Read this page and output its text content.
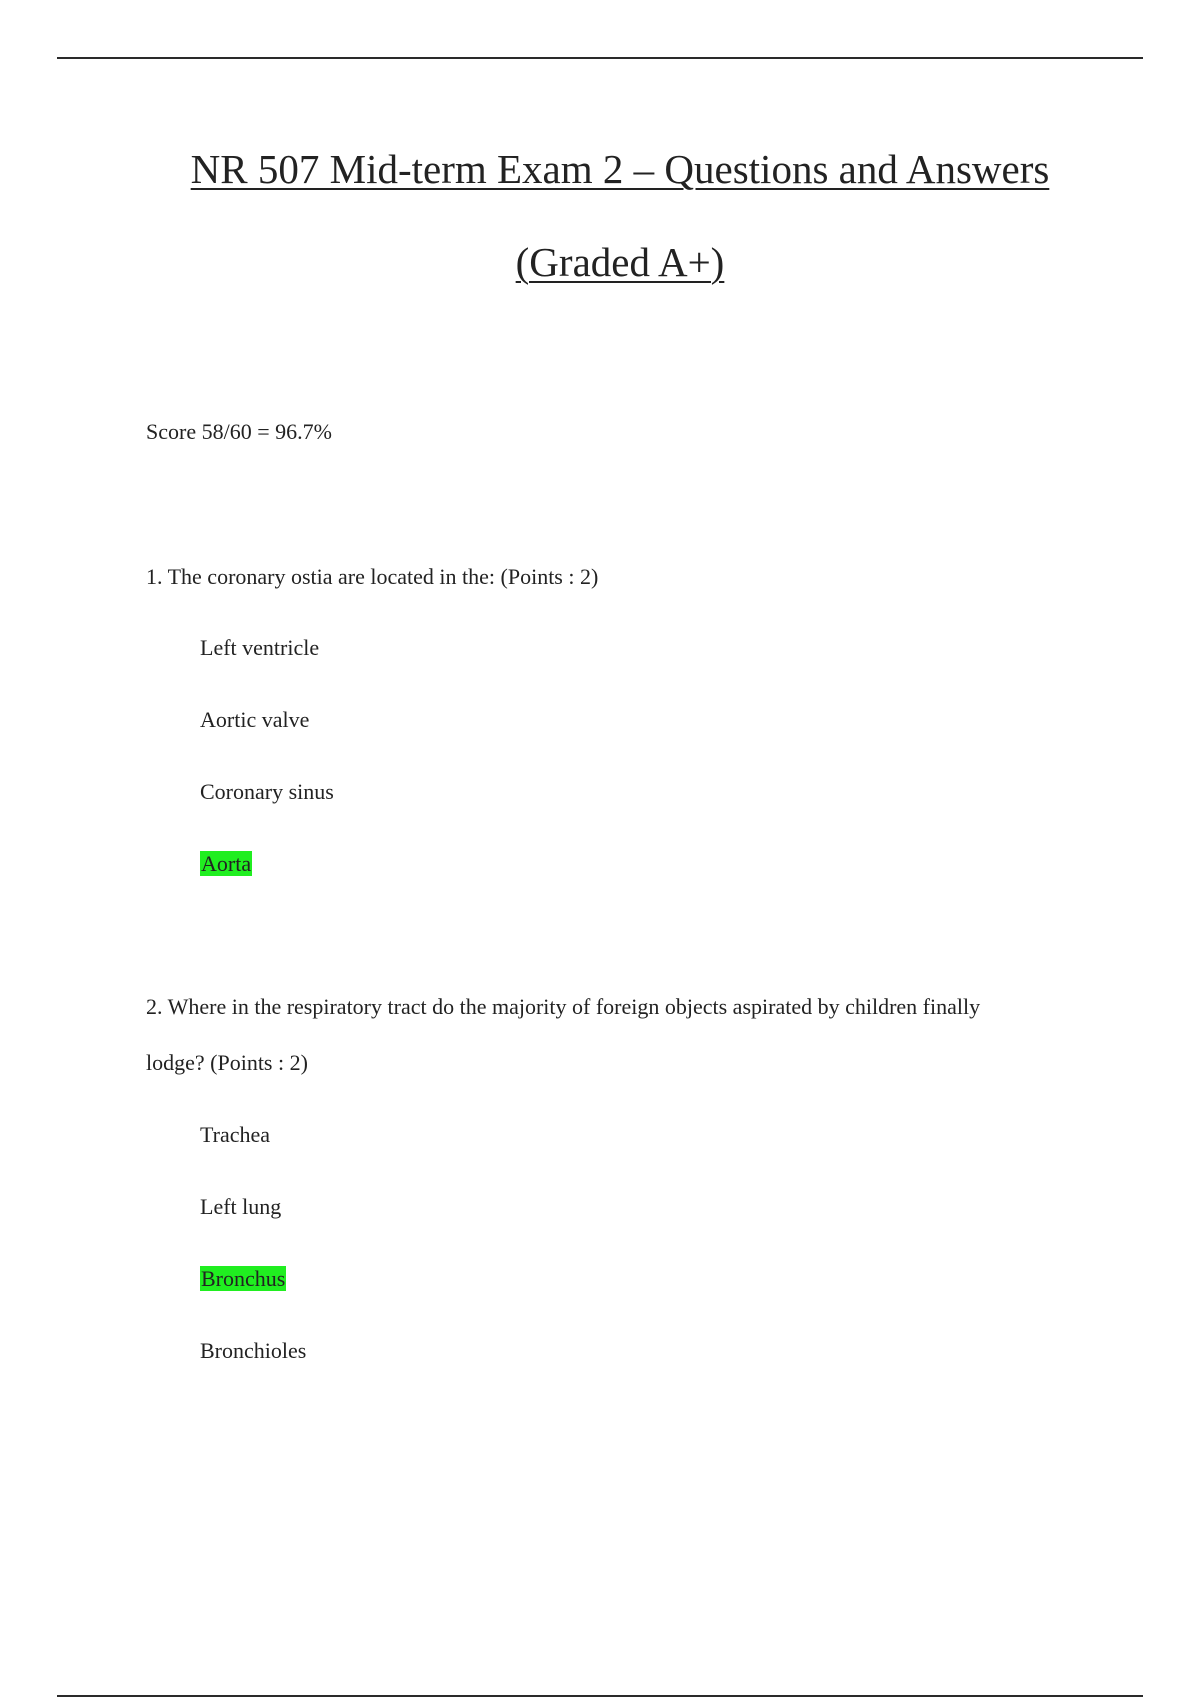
NR 507 Mid-term Exam 2 – Questions and Answers
(Graded A+)
Score 58/60 = 96.7%
1. The coronary ostia are located in the: (Points : 2)
Left ventricle
Aortic valve
Coronary sinus
Aorta
2. Where in the respiratory tract do the majority of foreign objects aspirated by children finally
lodge? (Points : 2)
Trachea
Left lung
Bronchus
Bronchioles
